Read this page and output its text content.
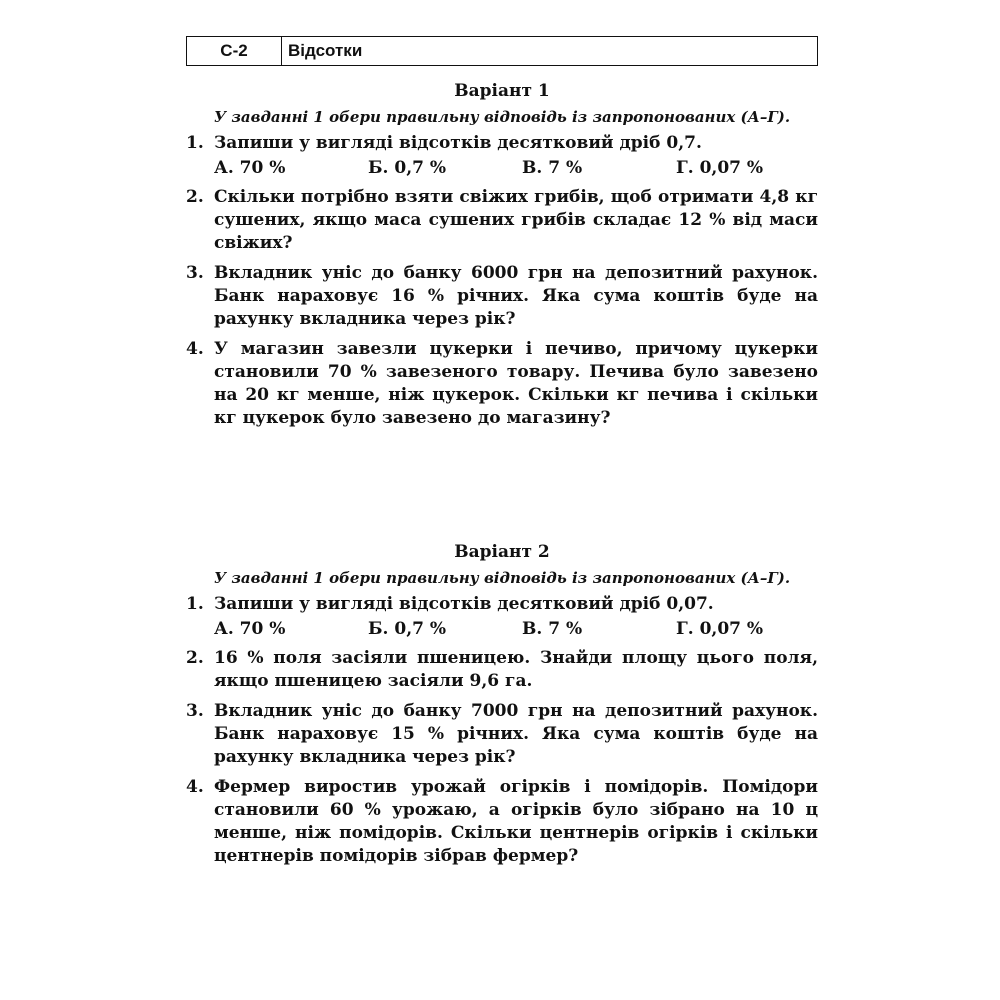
С-2	Відсотки
Варіант 1
У завданні 1 обери правильну відповідь із запропонованих (А–Г).
1. Запиши у вигляді відсотків десятковий дріб 0,7.
А. 70 %	Б. 0,7 %	В. 7 %	Г. 0,07 %
2. Скільки потрібно взяти свіжих грибів, щоб отримати 4,8 кг сушених, якщо маса сушених грибів складає 12 % від маси свіжих?
3. Вкладник уніс до банку 6000 грн на депозитний рахунок. Банк нараховує 16 % річних. Яка сума коштів буде на рахунку вкладника через рік?
4. У магазин завезли цукерки і печиво, причому цукерки становили 70 % завезеного товару. Печива було завезено на 20 кг менше, ніж цукерок. Скільки кг печива і скільки кг цукерок було завезено до магазину?
Варіант 2
У завданні 1 обери правильну відповідь із запропонованих (А–Г).
1. Запиши у вигляді відсотків десятковий дріб 0,07.
А. 70 %	Б. 0,7 %	В. 7 %	Г. 0,07 %
2. 16 % поля засіяли пшеницею. Знайди площу цього поля, якщо пшеницею засіяли 9,6 га.
3. Вкладник уніс до банку 7000 грн на депозитний рахунок. Банк нараховує 15 % річних. Яка сума коштів буде на рахунку вкладника через рік?
4. Фермер виростив урожай огірків і помідорів. Помідори становили 60 % урожаю, а огірків було зібрано на 10 ц менше, ніж помідорів. Скільки центнерів огірків і скільки центнерів помідорів зібрав фермер?
